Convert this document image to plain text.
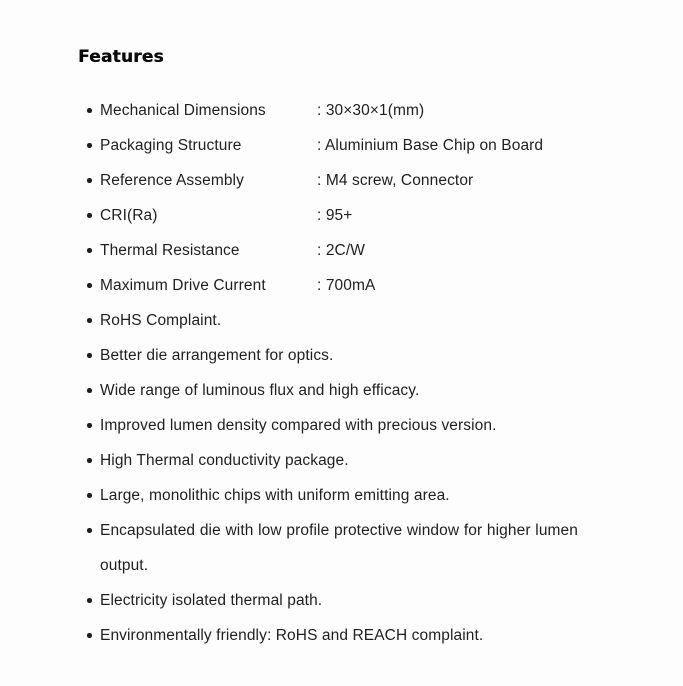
Features
Mechanical Dimensions	: 30×30×1(mm)
Packaging Structure	: Aluminium Base Chip on Board
Reference Assembly	: M4 screw, Connector
CRI(Ra)	: 95+
Thermal Resistance	: 2C/W
Maximum Drive Current	: 700mA
RoHS Complaint.
Better die arrangement for optics.
Wide range of luminous flux and high efficacy.
Improved lumen density compared with precious version.
High Thermal conductivity package.
Large, monolithic chips with uniform emitting area.
Encapsulated die with low profile protective window for higher lumen output.
Electricity isolated thermal path.
Environmentally friendly: RoHS and REACH complaint.
